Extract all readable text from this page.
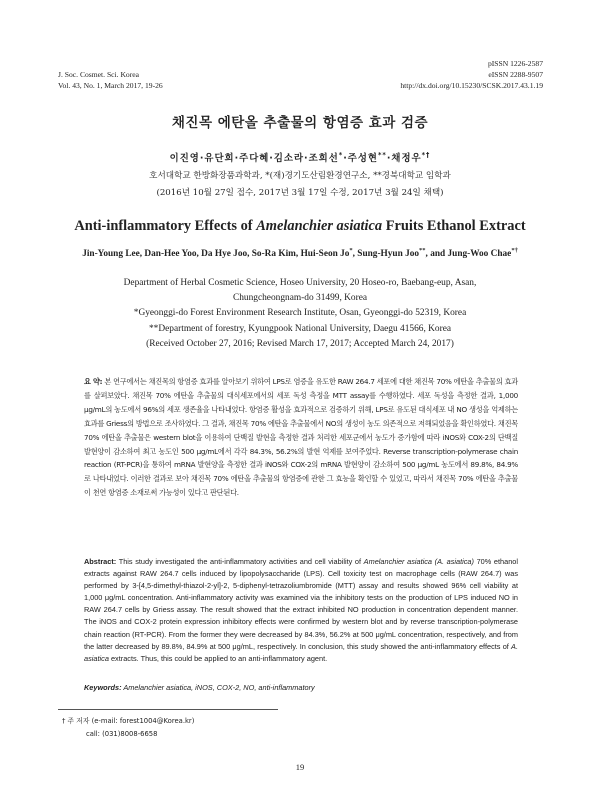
J. Soc. Cosmet. Sci. Korea
Vol. 43, No. 1, March 2017, 19-26
pISSN 1226-2587
eISSN 2288-9507
http://dx.doi.org/10.15230/SCSK.2017.43.1.19
채진목 에탄올 추출물의 항염증 효과 검증
이진영·유단희·주다혜·김소라·조희선*·주성현**·채정우*†
호서대학교 한방화장품과학과, *(재)경기도산림환경연구소, **경북대학교 임학과
(2016년 10월 27일 접수, 2017년 3월 17일 수정, 2017년 3월 24일 채택)
Anti-inflammatory Effects of Amelanchier asiatica Fruits Ethanol Extract
Jin-Young Lee, Dan-Hee Yoo, Da Hye Joo, So-Ra Kim, Hui-Seon Jo*, Sung-Hyun Joo**, and Jung-Woo Chae*†
Department of Herbal Cosmetic Science, Hoseo University, 20 Hoseo-ro, Baebang-eup, Asan,
Chungcheongnam-do 31499, Korea
*Gyeonggi-do Forest Environment Research Institute, Osan, Gyeonggi-do 52319, Korea
**Department of forestry, Kyungpook National University, Daegu 41566, Korea
(Received October 27, 2016; Revised March 17, 2017; Accepted March 24, 2017)
요 약: 본 연구에서는 채진목의 항염증 효과를 알아보기 위하여 LPS로 염증을 유도한 RAW 264.7 세포에 대한 채진목 70% 에탄올 추출물의 효과를 살펴보았다. 채진목 70% 에탄올 추출물의 대식세포에서의 세포 독성 측정을 MTT assay를 수행하였다. 세포 독성을 측정한 결과, 1,000 μg/mL의 농도에서 96%의 세포 생존율을 나타내었다. 항염증 활성을 효과적으로 검증하기 위해, LPS로 유도된 대식세포 내 NO 생성을 억제하는 효과를 Griess의 방법으로 조사하였다. 그 결과, 채진목 70% 에탄올 추출물에서 NO의 생성이 농도 의존적으로 저해되었음을 확인하였다. 채진목 70% 에탄올 추출물은 western blot을 이용하여 단백질 발현을 측정한 결과 처리한 세포군에서 농도가 증가함에 따라 iNOS와 COX-2의 단백질 발현양이 감소하여 최고 농도인 500 μg/mL에서 각각 84.3%, 56.2%의 발현 억제를 보여주었다. Reverse transcription-polymerase chain reaction (RT-PCR)을 통하여 mRNA 발현양을 측정한 결과 iNOS와 COX-2의 mRNA 발현양이 감소하여 500 μg/mL 농도에서 89.8%, 84.9%로 나타내었다. 이러한 결과로 보아 채진목 70% 에탄올 추출물의 항염증에 관한 그 효능을 확인할 수 있었고, 따라서 채진목 70% 에탄올 추출물이 천연 항염증 소재로써 가능성이 있다고 판단된다.
Abstract: This study investigated the anti-inflammatory activities and cell viability of Amelanchier asiatica (A. asiatica) 70% ethanol extracts against RAW 264.7 cells induced by lipopolysaccharide (LPS). Cell toxicity test on macrophage cells (RAW 264.7) was performed by 3-[4,5-dimethyl-thiazol-2-yl]-2, 5-diphenyl-tetrazoliumbromide (MTT) assay and results showed 96% cell viability at 1,000 μg/mL concentration. Anti-inflammatory activity was examined via the inhibitory tests on the production of LPS induced NO in RAW 264.7 cells by Griess assay. The result showed that the extract inhibited NO production in concentration dependent manner. The iNOS and COX-2 protein expression inhibitory effects were confirmed by western blot and by reverse transcription-polymerase chain reaction (RT-PCR). From the former they were decreased by 84.3%, 56.2% at 500 μg/mL concentration, respectively, and from the latter decreased by 89.8%, 84.9% at 500 μg/mL, respectively. In conclusion, this study showed the anti-inflammatory effects of A. asiatica extracts. Thus, this could be applied to an anti-inflammatory agent.
Keywords: Amelanchier asiatica, iNOS, COX-2, NO, anti-inflammatory
† 주 저자 (e-mail: forest1004@Korea.kr)
call: (031)8008-6658
19
